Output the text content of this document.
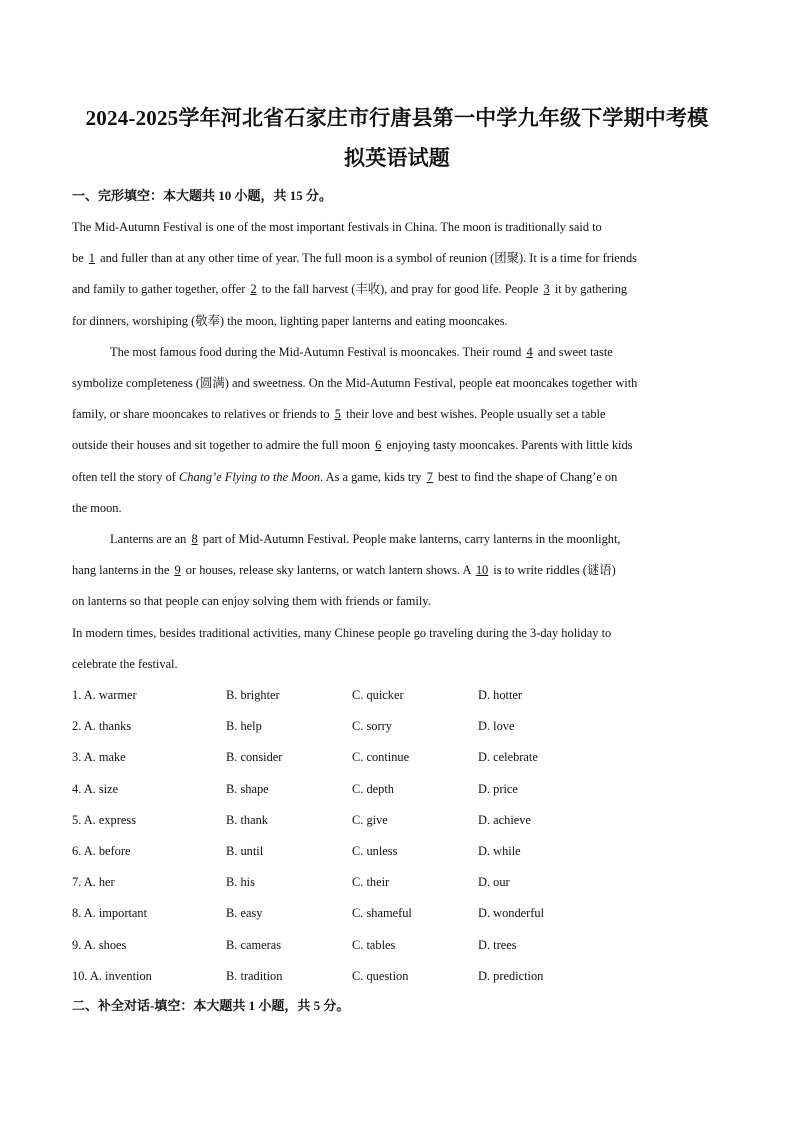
2024-2025学年河北省石家庄市行唐县第一中学九年级下学期中考模
拟英语试题
一、完形填空：本大题共 10 小题，共 15 分。
The Mid-Autumn Festival is one of the most important festivals in China. The moon is traditionally said to
be 1 and fuller than at any other time of year. The full moon is a symbol of reunion (团聚). It is a time for friends
and family to gather together, offer 2 to the fall harvest (丰收), and pray for good life. People 3 it by gathering
for dinners, worshiping (敬奉) the moon, lighting paper lanterns and eating mooncakes.
The most famous food during the Mid-Autumn Festival is mooncakes. Their round 4 and sweet taste
symbolize completeness (圆满) and sweetness. On the Mid-Autumn Festival, people eat mooncakes together with
family, or share mooncakes to relatives or friends to 5 their love and best wishes. People usually set a table
outside their houses and sit together to admire the full moon 6 enjoying tasty mooncakes. Parents with little kids
often tell the story of Chang’e Flying to the Moon. As a game, kids try 7 best to find the shape of Chang’e on
the moon.
Lanterns are an 8 part of Mid-Autumn Festival. People make lanterns, carry lanterns in the moonlight,
hang lanterns in the 9 or houses, release sky lanterns, or watch lantern shows. A 10 is to write riddles (谜语)
on lanterns so that people can enjoy solving them with friends or family.
In modern times, besides traditional activities, many Chinese people go traveling during the 3-day holiday to
celebrate the festival.
1. A. warmer	B. brighter	C. quicker	D. hotter
2. A. thanks	B. help	C. sorry	D. love
3. A. make	B. consider	C. continue	D. celebrate
4. A. size	B. shape	C. depth	D. price
5. A. express	B. thank	C. give	D. achieve
6. A. before	B. until	C. unless	D. while
7. A. her	B. his	C. their	D. our
8. A. important	B. easy	C. shameful	D. wonderful
9. A. shoes	B. cameras	C. tables	D. trees
10. A. invention	B. tradition	C. question	D. prediction
二、补全对话-填空：本大题共 1 小题，共 5 分。
